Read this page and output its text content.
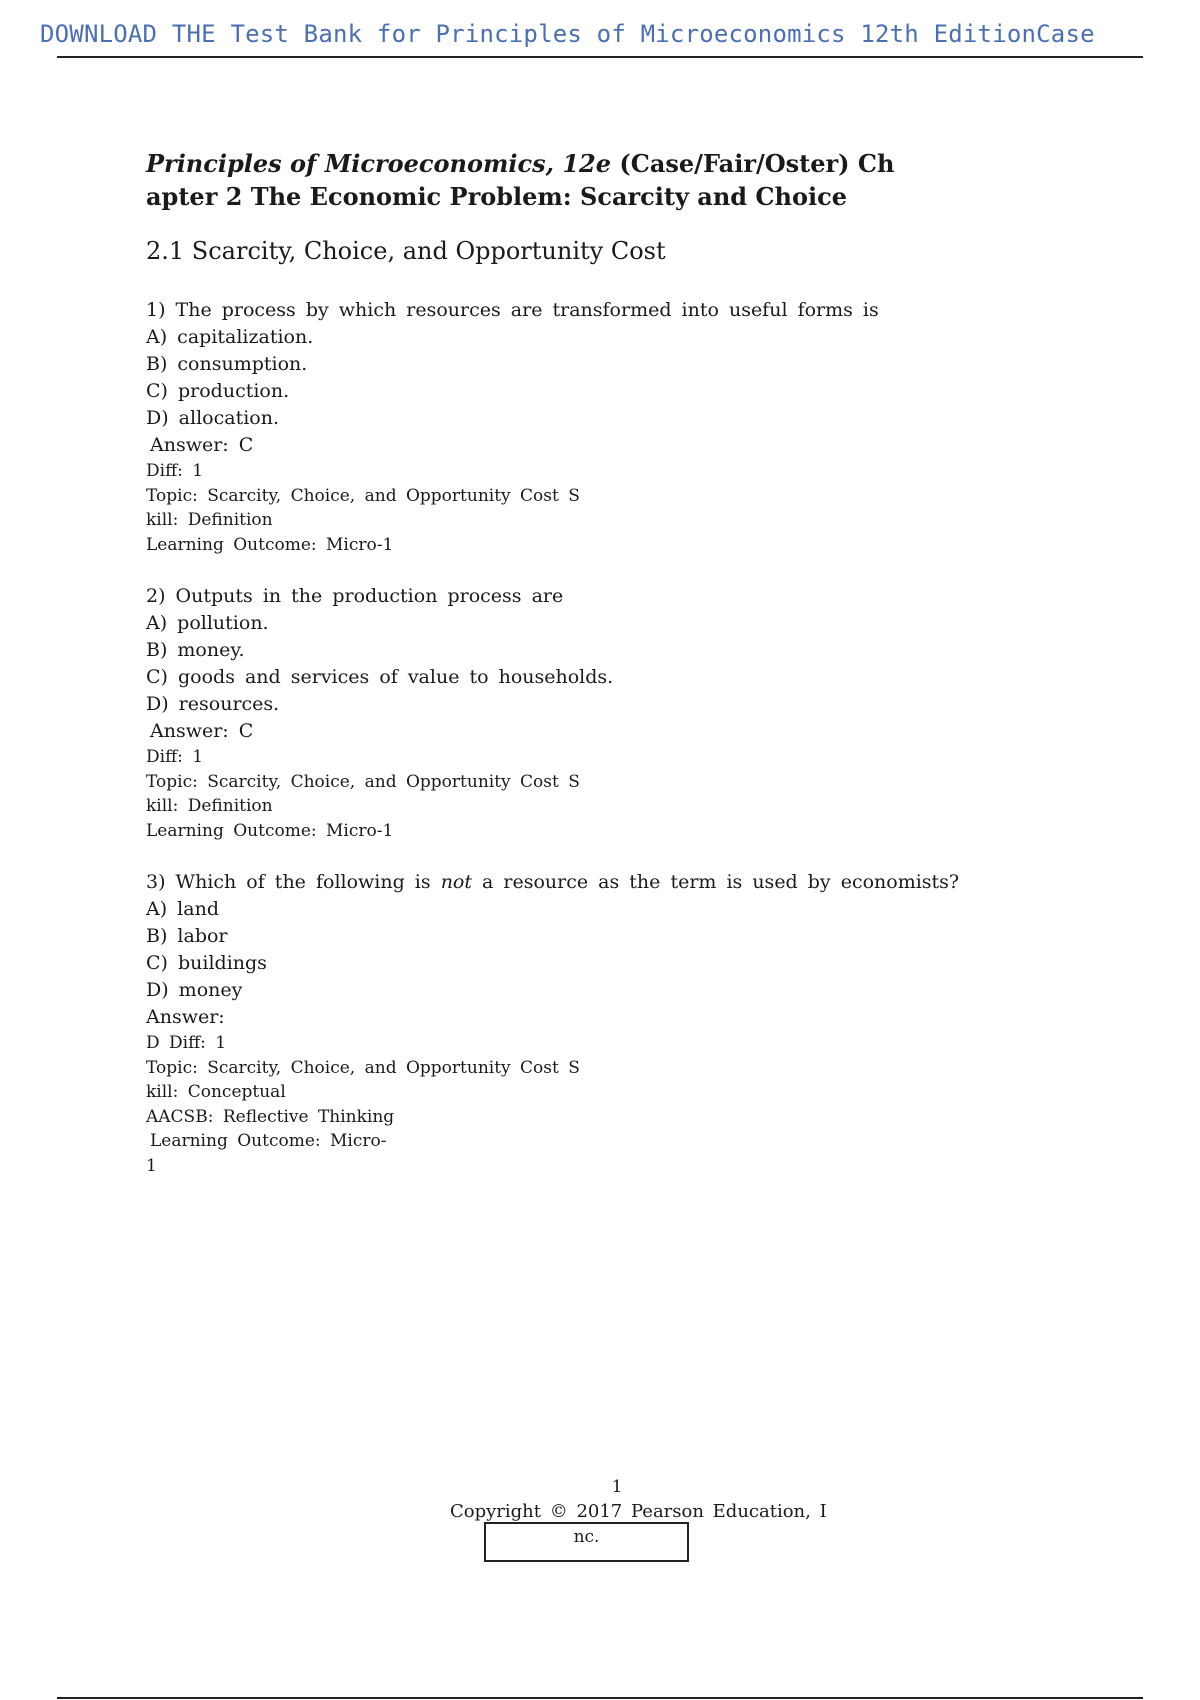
DOWNLOAD THE Test Bank for Principles of Microeconomics 12th EditionCase
Principles of Microeconomics, 12e (Case/Fair/Oster) Ch
apter 2 The Economic Problem: Scarcity and Choice
2.1 Scarcity, Choice, and Opportunity Cost
1) The process by which resources are transformed into useful forms is
A) capitalization.
B) consumption.
C) production.
D) allocation.
Answer: C
Diff: 1
Topic: Scarcity, Choice, and Opportunity Cost S
kill: Definition
Learning Outcome: Micro-1
2) Outputs in the production process are
A) pollution.
B) money.
C) goods and services of value to households.
D) resources.
Answer: C
Diff: 1
Topic: Scarcity, Choice, and Opportunity Cost S
kill: Definition
Learning Outcome: Micro-1
3) Which of the following is not a resource as the term is used by economists?
A) land
B) labor
C) buildings
D) money
Answer:
D Diff: 1
Topic: Scarcity, Choice, and Opportunity Cost S
kill: Conceptual
AACSB: Reflective Thinking
Learning Outcome: Micro-
1
1
Copyright © 2017 Pearson Education, I
nc.
